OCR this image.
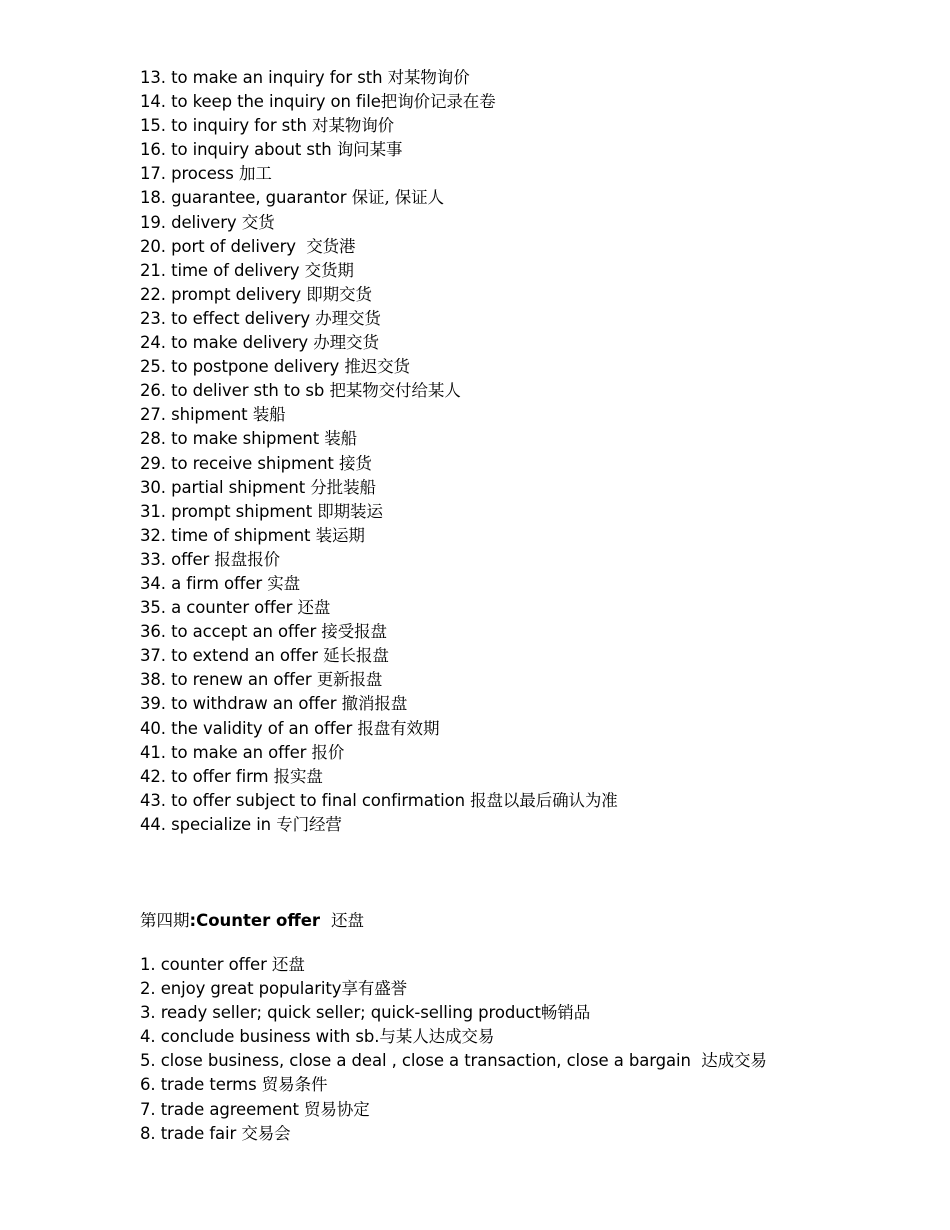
13. to make an inquiry for sth 对某物询价
14. to keep the inquiry on file把询价记录在卷
15. to inquiry for sth 对某物询价
16. to inquiry about sth 询问某事
17. process 加工
18. guarantee, guarantor 保证, 保证人
19. delivery 交货
20. port of delivery  交货港
21. time of delivery 交货期
22. prompt delivery 即期交货
23. to effect delivery 办理交货
24. to make delivery 办理交货
25. to postpone delivery 推迟交货
26. to deliver sth to sb 把某物交付给某人
27. shipment 装船
28. to make shipment 装船
29. to receive shipment 接货
30. partial shipment 分批装船
31. prompt shipment 即期装运
32. time of shipment 装运期
33. offer 报盘报价
34. a firm offer 实盘
35. a counter offer 还盘
36. to accept an offer 接受报盘
37. to extend an offer 延长报盘
38. to renew an offer 更新报盘
39. to withdraw an offer 撤消报盘
40. the validity of an offer 报盘有效期
41. to make an offer 报价
42. to offer firm 报实盘
43. to offer subject to final confirmation 报盘以最后确认为准
44. specialize in 专门经营
第四期:Counter offer  还盘
1. counter offer 还盘
2. enjoy great popularity享有盛誉
3. ready seller; quick seller; quick-selling product畅销品
4. conclude business with sb.与某人达成交易
5. close business, close a deal , close a transaction, close a bargain  达成交易
6. trade terms 贸易条件
7. trade agreement 贸易协定
8. trade fair 交易会
